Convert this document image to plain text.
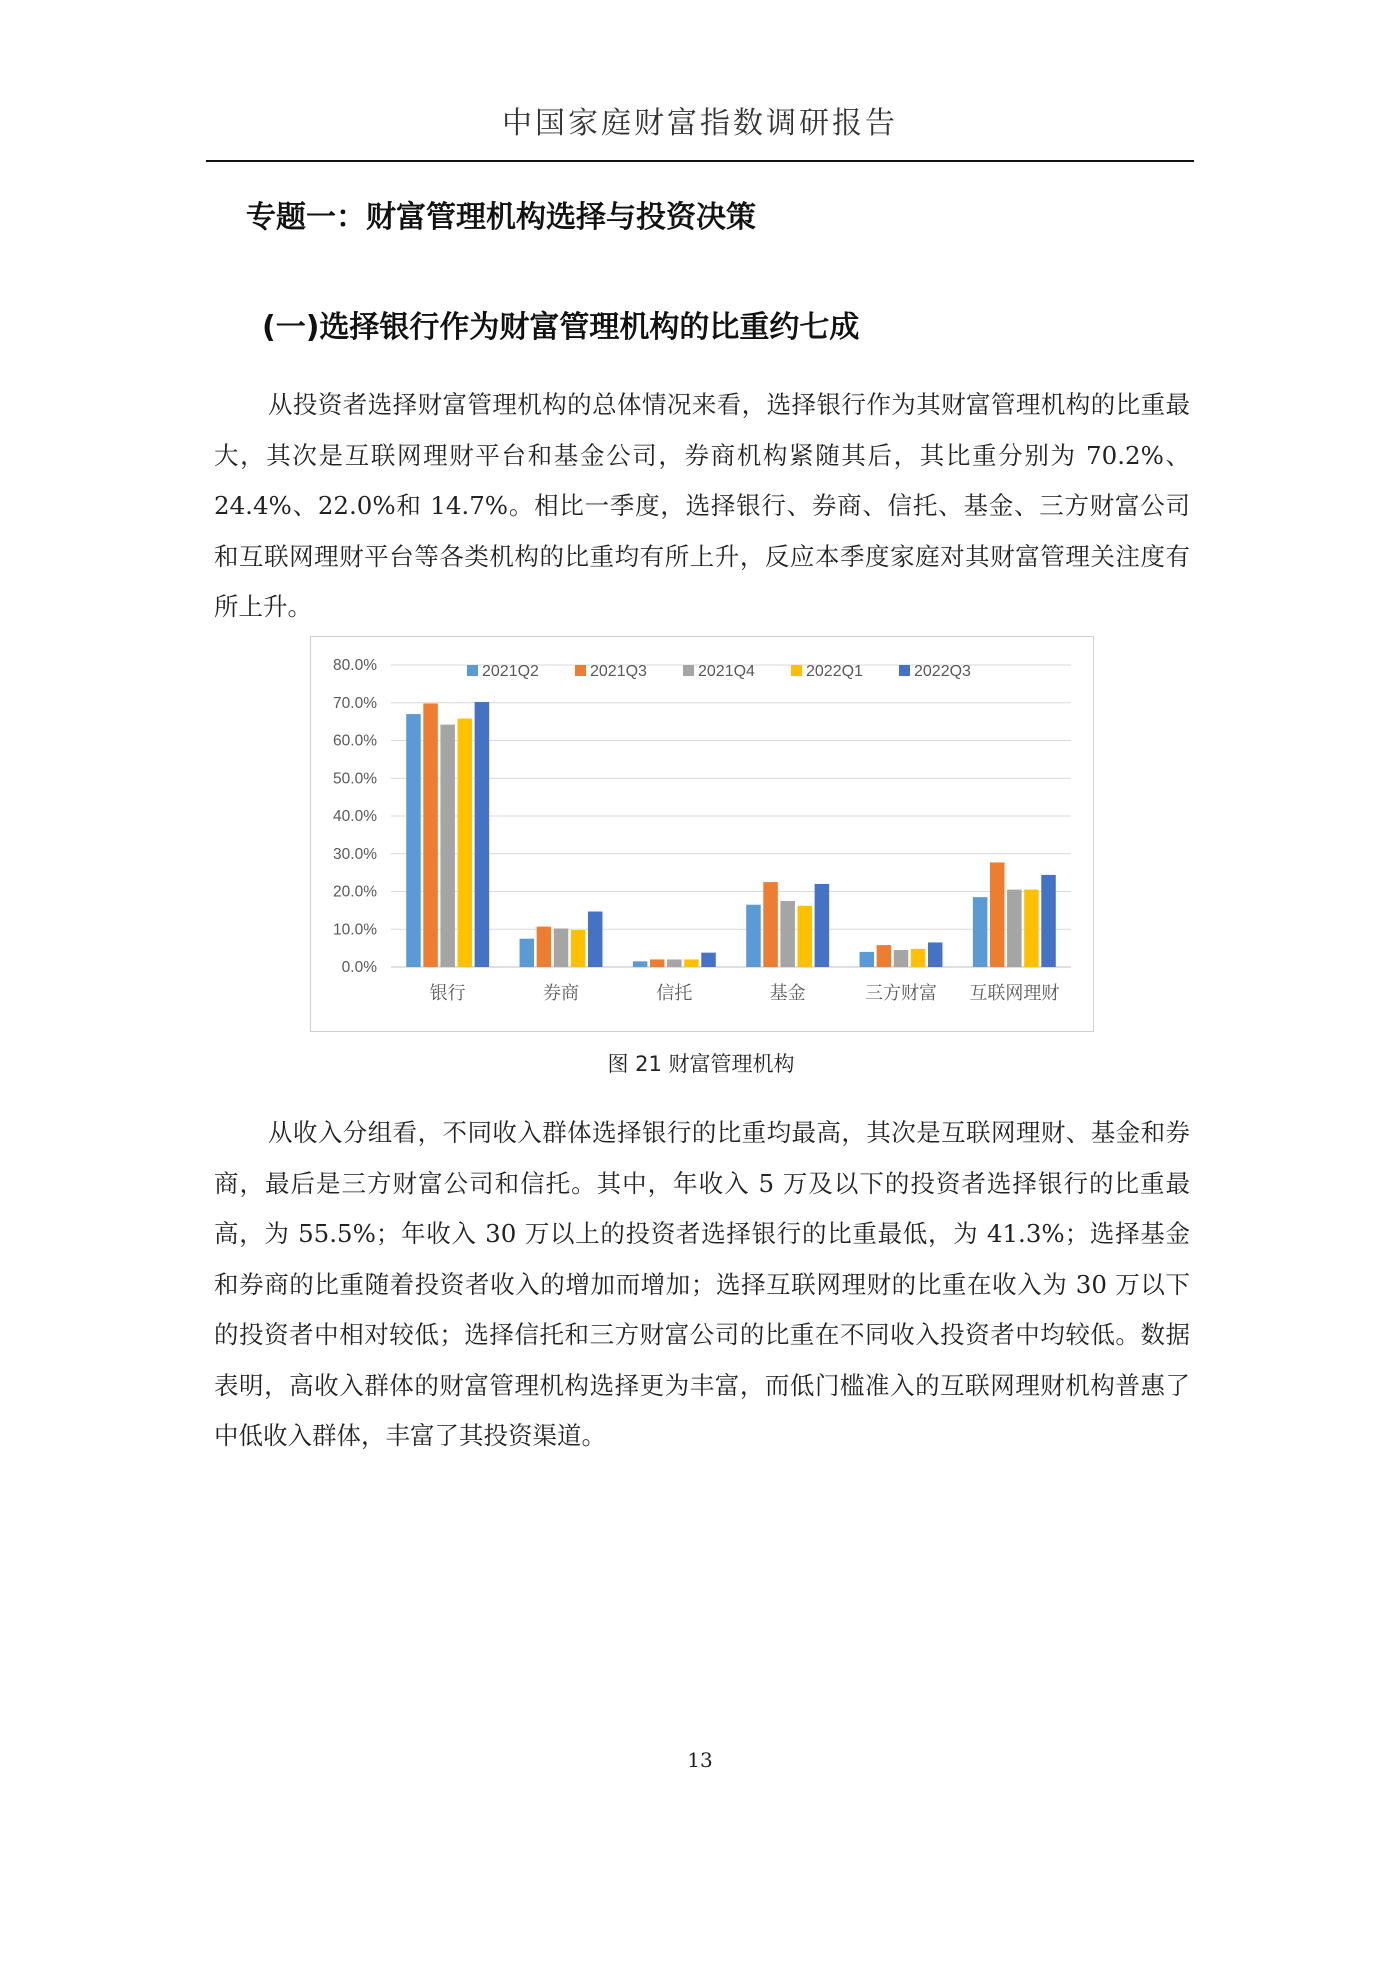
中国家庭财富指数调研报告
专题一：财富管理机构选择与投资决策
(一)选择银行作为财富管理机构的比重约七成

从投资者选择财富管理机构的总体情况来看，选择银行作为其财富管理机构的比重最大，其次是互联网理财平台和基金公司，券商机构紧随其后，其比重分别为 70.2%、24.4%、22.0%和 14.7%。相比一季度，选择银行、券商、信托、基金、三方财富公司和互联网理财平台等各类机构的比重均有所上升，反应本季度家庭对其财富管理关注度有所上升。

0.0%
10.0%
20.0%
30.0%
40.0%
50.0%
60.0%
70.0%
80.0%
银行	券商	信托	基金	三方财富 互联网理财
2021Q2	2021Q3	2021Q4	2022Q1	2022Q3
图 21 财富管理机构

从收入分组看，不同收入群体选择银行的比重均最高，其次是互联网理财、基金和券商，最后是三方财富公司和信托。其中，年收入 5 万及以下的投资者选择银行的比重最高，为 55.5%；年收入 30 万以上的投资者选择银行的比重最低，为 41.3%；选择基金和券商的比重随着投资者收入的增加而增加；选择互联网理财的比重在收入为 30 万以下的投资者中相对较低；选择信托和三方财富公司的比重在不同收入投资者中均较低。数据表明，高收入群体的财富管理机构选择更为丰富，而低门槛准入的互联网理财机构普惠了中低收入群体，丰富了其投资渠道。

13
